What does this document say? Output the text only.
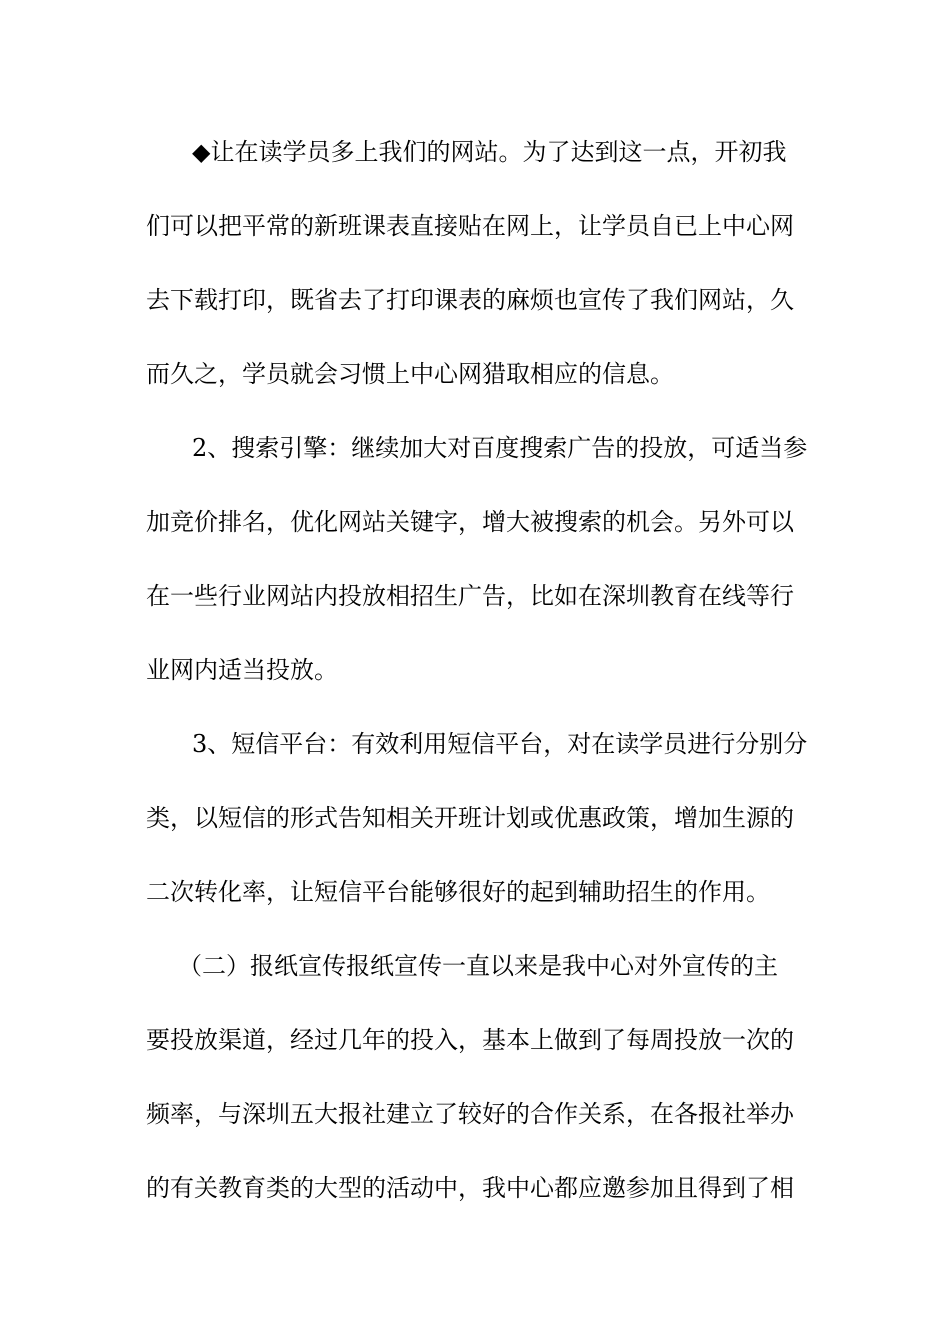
◆让在读学员多上我们的网站。为了达到这一点，开初我

们可以把平常的新班课表直接贴在网上，让学员自已上中心网

去下载打印，既省去了打印课表的麻烦也宣传了我们网站，久

而久之，学员就会习惯上中心网猎取相应的信息。

2、搜索引擎：继续加大对百度搜索广告的投放，可适当参

加竞价排名，优化网站关键字，增大被搜索的机会。另外可以

在一些行业网站内投放相招生广告，比如在深圳教育在线等行

业网内适当投放。

3、短信平台：有效利用短信平台，对在读学员进行分别分

类，以短信的形式告知相关开班计划或优惠政策，增加生源的

二次转化率，让短信平台能够很好的起到辅助招生的作用。

（二）报纸宣传报纸宣传一直以来是我中心对外宣传的主

要投放渠道，经过几年的投入，基本上做到了每周投放一次的

频率，与深圳五大报社建立了较好的合作关系，在各报社举办

的有关教育类的大型的活动中，我中心都应邀参加且得到了相
